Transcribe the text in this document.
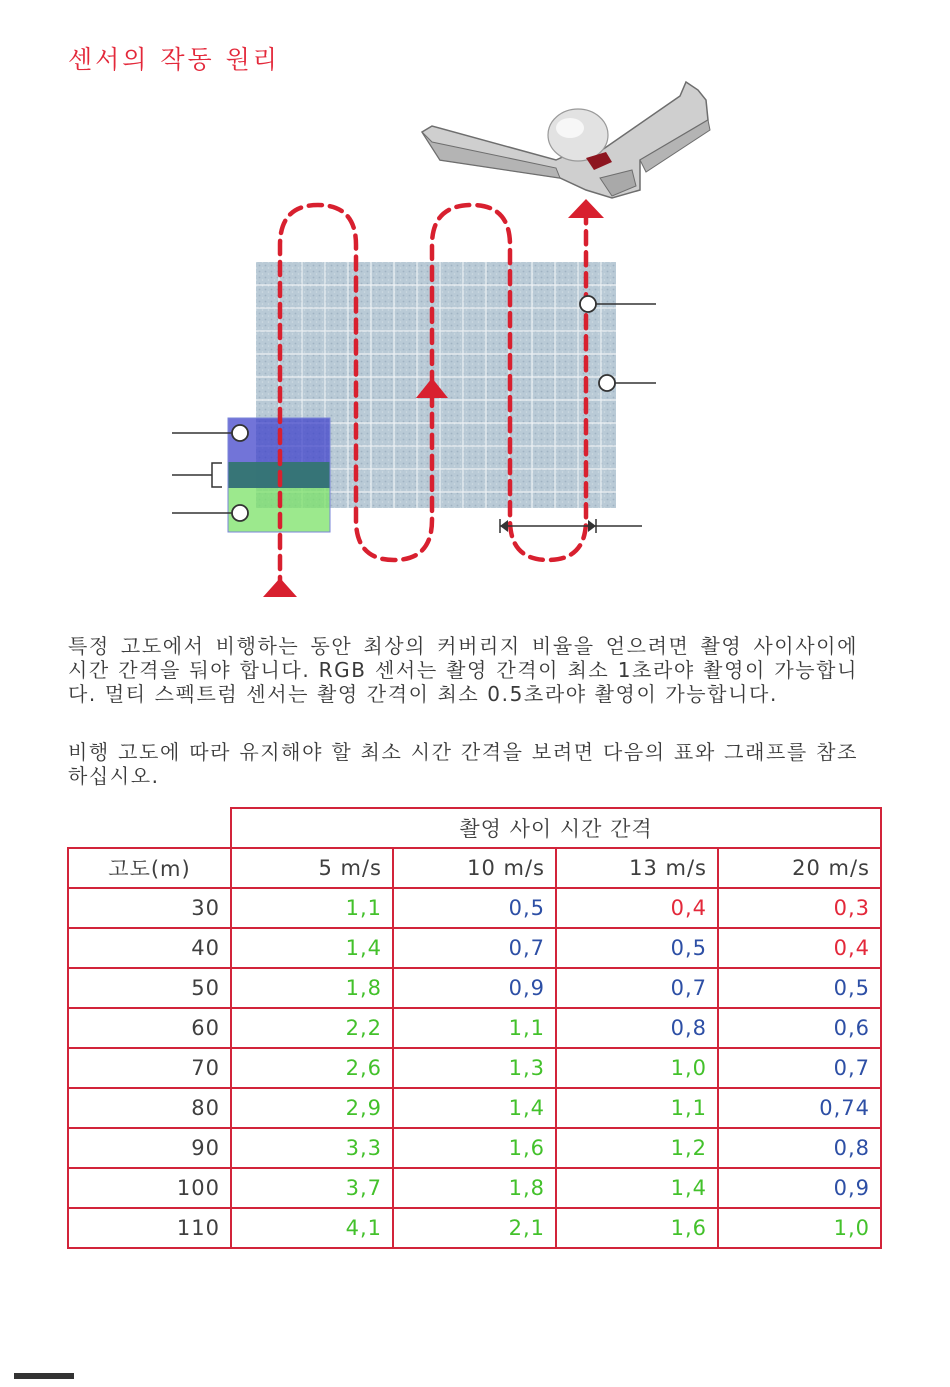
센서의 작동 원리

특정 고도에서 비행하는 동안 최상의 커버리지 비율을 얻으려면 촬영 사이사이에 시간 간격을 둬야 합니다. RGB 센서는 촬영 간격이 최소 1초라야 촬영이 가능합니다. 멀티 스펙트럼 센서는 촬영 간격이 최소 0.5초라야 촬영이 가능합니다.

비행 고도에 따라 유지해야 할 최소 시간 간격을 보려면 다음의 표와 그래프를 참조하십시오.

	촬영 사이 시간 간격			
고도(m)	5 m/s	10 m/s	13 m/s	20 m/s
30	1,1	0,5	0,4	0,3
40	1,4	0,7	0,5	0,4
50	1,8	0,9	0,7	0,5
60	2,2	1,1	0,8	0,6
70	2,6	1,3	1,0	0,7
80	2,9	1,4	1,1	0,74
90	3,3	1,6	1,2	0,8
100	3,7	1,8	1,4	0,9
110	4,1	2,1	1,6	1,0
